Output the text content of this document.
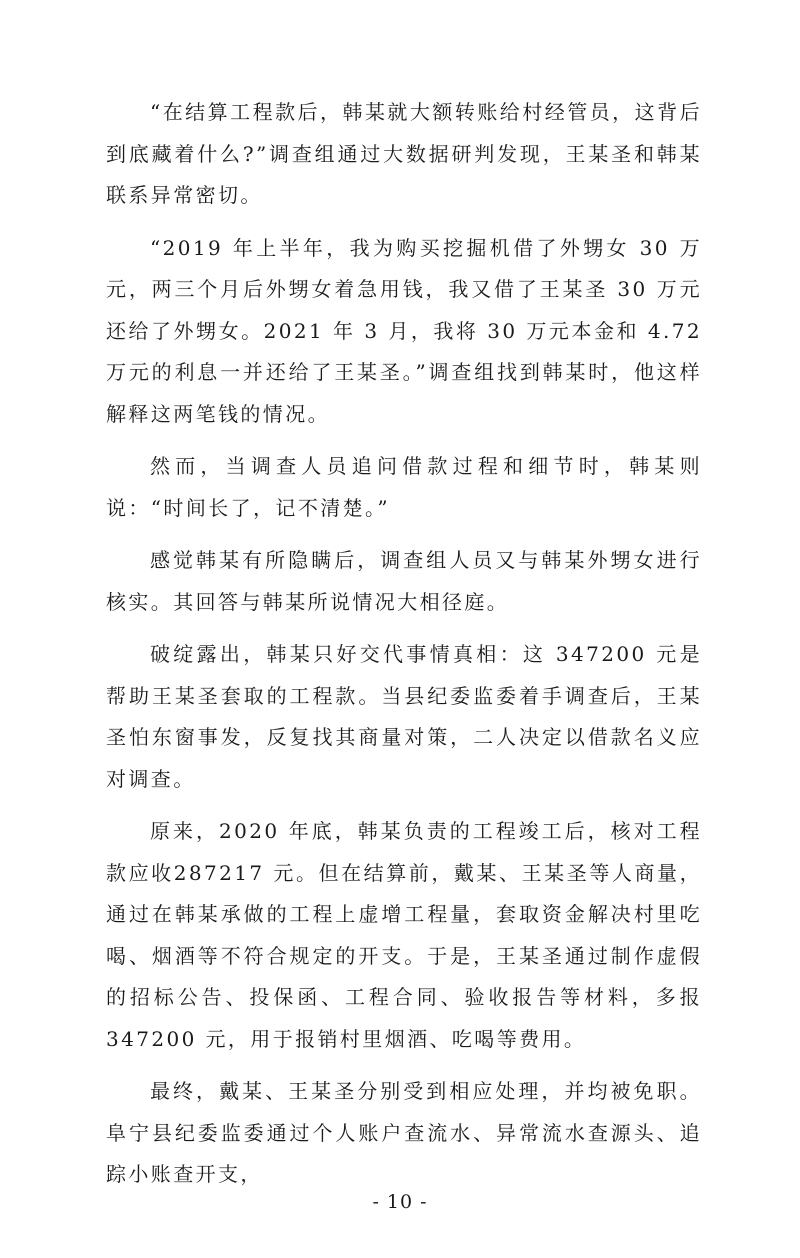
“在结算工程款后，韩某就大额转账给村经管员，这背后到底藏着什么?”调查组通过大数据研判发现，王某圣和韩某联系异常密切。

“2019 年上半年，我为购买挖掘机借了外甥女 30 万元，两三个月后外甥女着急用钱，我又借了王某圣 30 万元还给了外甥女。2021 年 3 月，我将 30 万元本金和 4.72 万元的利息一并还给了王某圣。”调查组找到韩某时，他这样解释这两笔钱的情况。

然而，当调查人员追问借款过程和细节时，韩某则说：“时间长了，记不清楚。”

感觉韩某有所隐瞒后，调查组人员又与韩某外甥女进行核实。其回答与韩某所说情况大相径庭。

破绽露出，韩某只好交代事情真相：这 347200 元是帮助王某圣套取的工程款。当县纪委监委着手调查后，王某圣怕东窗事发，反复找其商量对策，二人决定以借款名义应对调查。

原来，2020 年底，韩某负责的工程竣工后，核对工程款应收287217 元。但在结算前，戴某、王某圣等人商量，通过在韩某承做的工程上虚增工程量，套取资金解决村里吃喝、烟酒等不符合规定的开支。于是，王某圣通过制作虚假的招标公告、投保函、工程合同、验收报告等材料，多报 347200 元，用于报销村里烟酒、吃喝等费用。

最终，戴某、王某圣分别受到相应处理，并均被免职。阜宁县纪委监委通过个人账户查流水、异常流水查源头、追踪小账查开支，

- 10 -
